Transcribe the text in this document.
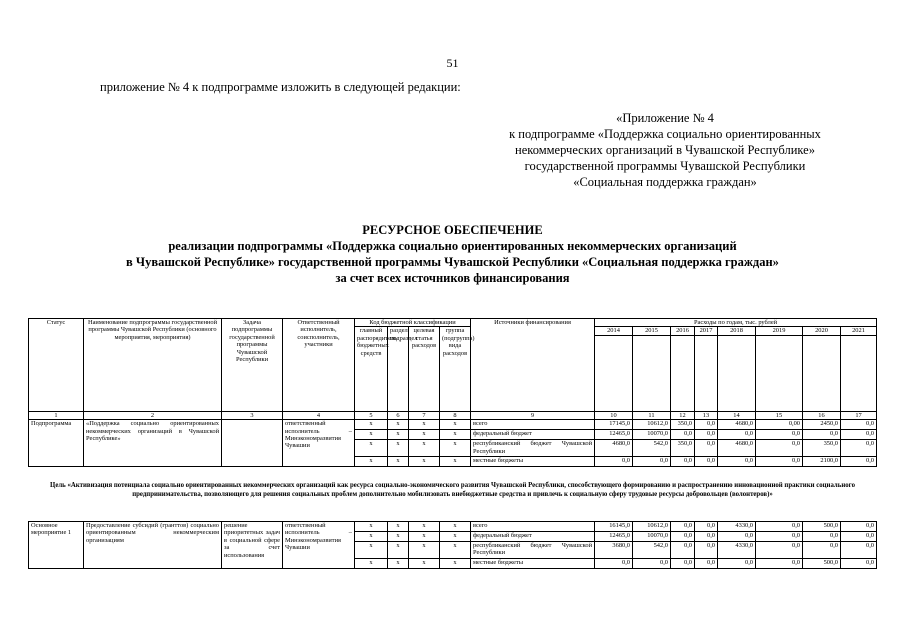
51
приложение № 4 к подпрограмме изложить в следующей редакции:
«Приложение № 4
к подпрограмме «Поддержка социально ориентированных
некоммерческих организаций в Чувашской Республике»
государственной программы Чувашской Республики
«Социальная поддержка граждан»
РЕСУРСНОЕ ОБЕСПЕЧЕНИЕ
реализации подпрограммы «Поддержка социально ориентированных некоммерческих организаций
в Чувашской Республике» государственной программы Чувашской Республики «Социальная поддержка граждан»
за счет всех источников финансирования
Статус	Наименование подпрограммы государственной программы Чувашской Республики (основного мероприятия, мероприятия)	Задача подпрограммы государственной программы Чувашской Республики	Ответственный исполнитель, соисполнитель, участники	Код бюджетной классификации				Источники финансирования	Расходы по годам, тыс. рублей							
				главный распорядитель бюджетных средств	раздел, подраздел	целевая статья расходов	группа (подгруппа) вида расходов		2014	2015	2016	2017	2018	2019	2020	2021

1	2	3	4	5	6	7	8	9	10	11	12	13	14	15	16	17
Подпрограмма	«Поддержка социально ориентированных некоммерческих организаций в Чувашской Республике»		ответственный исполнитель – Минэкономразвития Чувашии	x	x	x	x	всего	17145,0	10612,0	350,0	0,0	4680,0	0,00	2450,0	0,0
				x	x	x	x	федеральный бюджет	12465,0	10070,0	0,0	0,0	0,0	0,0	0,0	0,0
				x	x	x	x	республиканский бюджет Чувашской Республики	4680,0	542,0	350,0	0,0	4680,0	0,0	350,0	0,0
				x	x	x	x	местные бюджеты	0,0	0,0	0,0	0,0	0,0	0,0	2100,0	0,0
Цель «Активизация потенциала социально ориентированных некоммерческих организаций как ресурса социально-экономического развития Чувашской Республики, способствующего формированию и распространению инновационной практики социального предпринимательства, позволяющего для решения социальных проблем дополнительно мобилизовать внебюджетные средства и привлечь к социальную сферу трудовые ресурсы добровольцев (волонтеров)»
Основное мероприятие 1	Предоставление субсидий (гранттов) социально ориентированным некоммерческим организациям	решение приоритетных задач в социальной сфере за счет использования	ответственный исполнитель – Минэкономразвития Чувашии	x	x	x	x	всего	16145,0	10612,0	0,0	0,0	4330,0	0,0	500,0	0,0
				x	x	x	x	федеральный бюджет	12465,0	10070,0	0,0	0,0	0,0	0,0	0,0	0,0
				x	x	x	x	республиканский бюджет Чувашской Республики	3680,0	542,0	0,0	0,0	4330,0	0,0	0,0	0,0
				x	x	x	x	местные бюджеты	0,0	0,0	0,0	0,0	0,0	0,0	500,0	0,0
